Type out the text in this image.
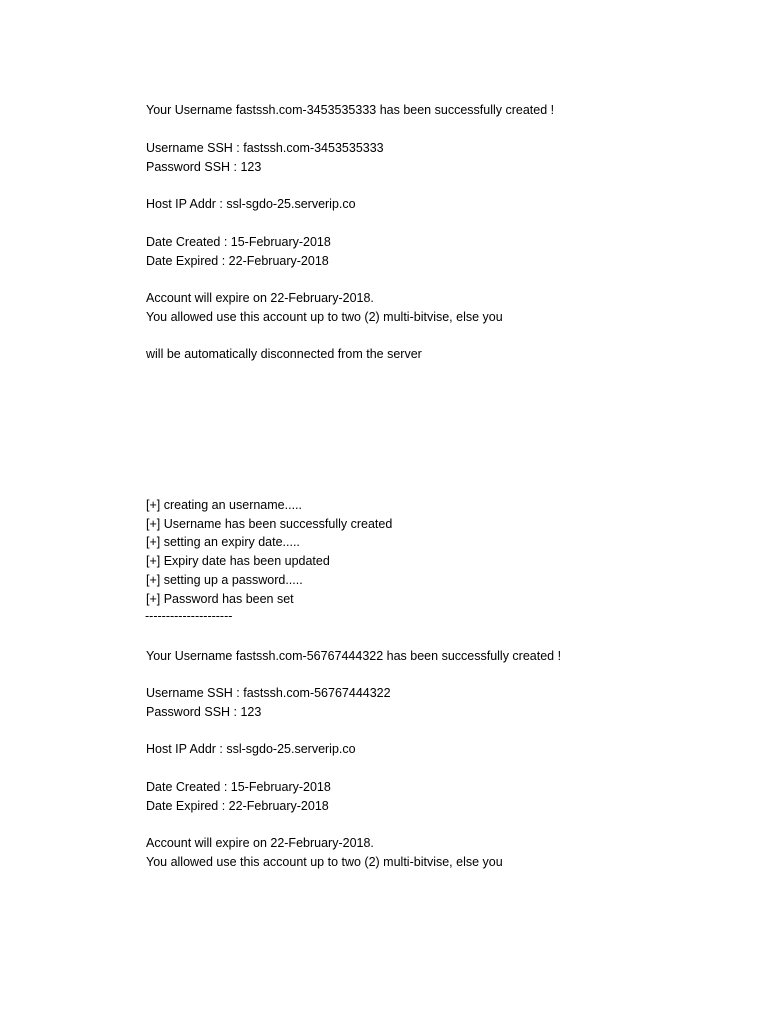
Your Username fastssh.com-3453535333 has been successfully created !
Username SSH : fastssh.com-3453535333
Password SSH : 123
Host IP Addr : ssl-sgdo-25.serverip.co
Date Created : 15-February-2018
Date Expired : 22-February-2018
Account will expire on 22-February-2018.
You allowed use this account up to two (2) multi-bitvise, else you
will be automatically disconnected from the server
[+] creating an username.....
[+] Username has been successfully created
[+] setting an expiry date.....
[+] Expiry date has been updated
[+] setting up a password.....
[+] Password has been set
---------------------
Your Username fastssh.com-56767444322 has been successfully created !
Username SSH : fastssh.com-56767444322
Password SSH : 123
Host IP Addr : ssl-sgdo-25.serverip.co
Date Created : 15-February-2018
Date Expired : 22-February-2018
Account will expire on 22-February-2018.
You allowed use this account up to two (2) multi-bitvise, else you
